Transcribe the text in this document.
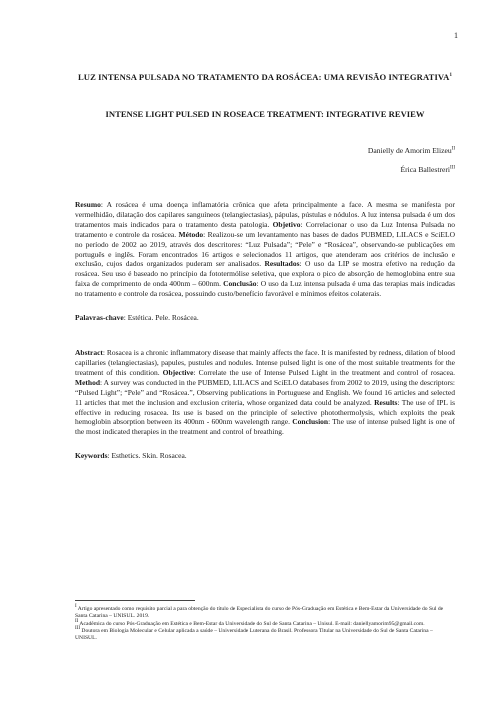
1
LUZ INTENSA PULSADA NO TRATAMENTO DA ROSÁCEA: UMA REVISÃO INTEGRATIVA$^1$
INTENSE LIGHT PULSED IN ROSEACE TREATMENT: INTEGRATIVE REVIEW
Danielly de Amorim Elizeu$^{II}$
Érica Ballestreri$^{III}$
Resumo: A rosácea é uma doença inflamatória crônica que afeta principalmente a face. A mesma se manifesta por vermelhidão, dilatação dos capilares sanguíneos (telangiectasias), pápulas, pústulas e nódulos. A luz intensa pulsada é um dos tratamentos mais indicados para o tratamento desta patologia. Objetivo: Correlacionar o uso da Luz Intensa Pulsada no tratamento e controle da rosácea. Método: Realizou-se um levantamento nas bases de dados PUBMED, LILACS e SciELO no período de 2002 ao 2019, através dos descritores: “Luz Pulsada”; “Pele” e “Rosácea”, observando-se publicações em português e inglês. Foram encontrados 16 artigos e selecionados 11 artigos, que atenderam aos critérios de inclusão e exclusão, cujos dados organizados puderam ser analisados. Resultados: O uso da LIP se mostra efetivo na redução da rosácea. Seu uso é baseado no princípio da fototermólise seletiva, que explora o pico de absorção de hemoglobina entre sua faixa de comprimento de onda 400nm – 600nm. Conclusão: O uso da Luz intensa pulsada é uma das terapias mais indicadas no tratamento e controle da rosácea, possuindo custo/benefício favorável e mínimos efeitos colaterais.
Palavras-chave: Estética. Pele. Rosácea.
Abstract: Rosacea is a chronic inflammatory disease that mainly affects the face. It is manifested by redness, dilation of blood capillaries (telangiectasias), papules, pustules and nodules. Intense pulsed light is one of the most suitable treatments for the treatment of this condition. Objective: Correlate the use of Intense Pulsed Light in the treatment and control of rosacea. Method: A survey was conducted in the PUBMED, LILACS and SciELO databases from 2002 to 2019, using the descriptors: “Pulsed Light”; “Pele” and “Rosácea.”, Observing publications in Portuguese and English. We found 16 articles and selected 11 articles that met the inclusion and exclusion criteria, whose organized data could be analyzed. Results: The use of IPL is effective in reducing rosacea. Its use is based on the principle of selective photothermolysis, which exploits the peak hemoglobin absorption between its 400nm - 600nm wavelength range. Conclusion: The use of intense pulsed light is one of the most indicated therapies in the treatment and control of breathing.
Keywords: Esthetics. Skin. Rosacea.

$^I$ Artigo apresentado como requisito parcial a para obtenção do título de Especialista do curso de Pós-Graduação em Estética e Bem-Estar da Universidade do Sul de Santa Catarina – UNISUL. 2019.

$^{II}$ Acadêmica do curso Pós-Graduação em Estética e Bem-Estar da Universidade do Sul de Santa Catarina – Unisul. E-mail: daniellyamorim95@gmail.com.

$^{III}$ Doutora em Biologia Molecular e Celular aplicada a saúde – Universidade Luterana do Brasil. Professora Titular na Universidade do Sul de Santa Catarina – UNISUL.
